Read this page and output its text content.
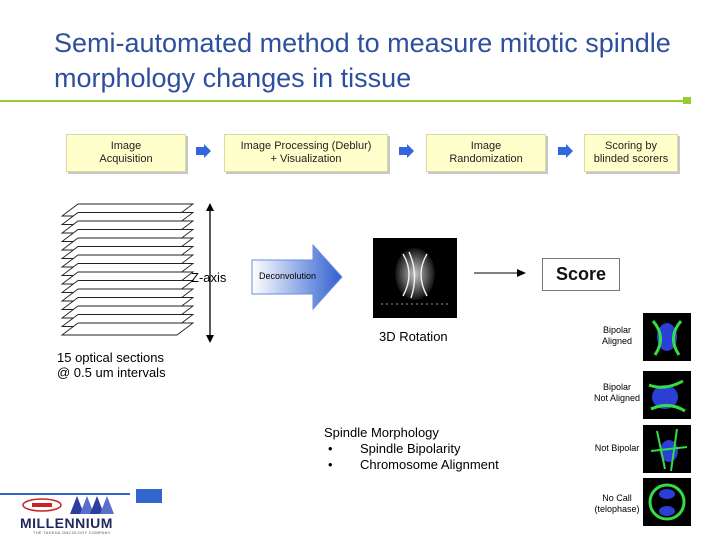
Semi-automated method to measure mitotic spindle morphology changes in tissue
Image
Acquisition
Image Processing (Deblur)
+ Visualization
Image
Randomization
Scoring by
blinded scorers
Z-axis
15 optical sections
@ 0.5 um intervals
Deconvolution
3D Rotation
Score
Bipolar
Aligned
Bipolar
Not Aligned
Not Bipolar
No Call
(telophase)
Spindle Morphology
• Spindle Bipolarity
• Chromosome Alignment
MILLENNIUM
THE TAKEDA ONCOLOGY COMPANY
